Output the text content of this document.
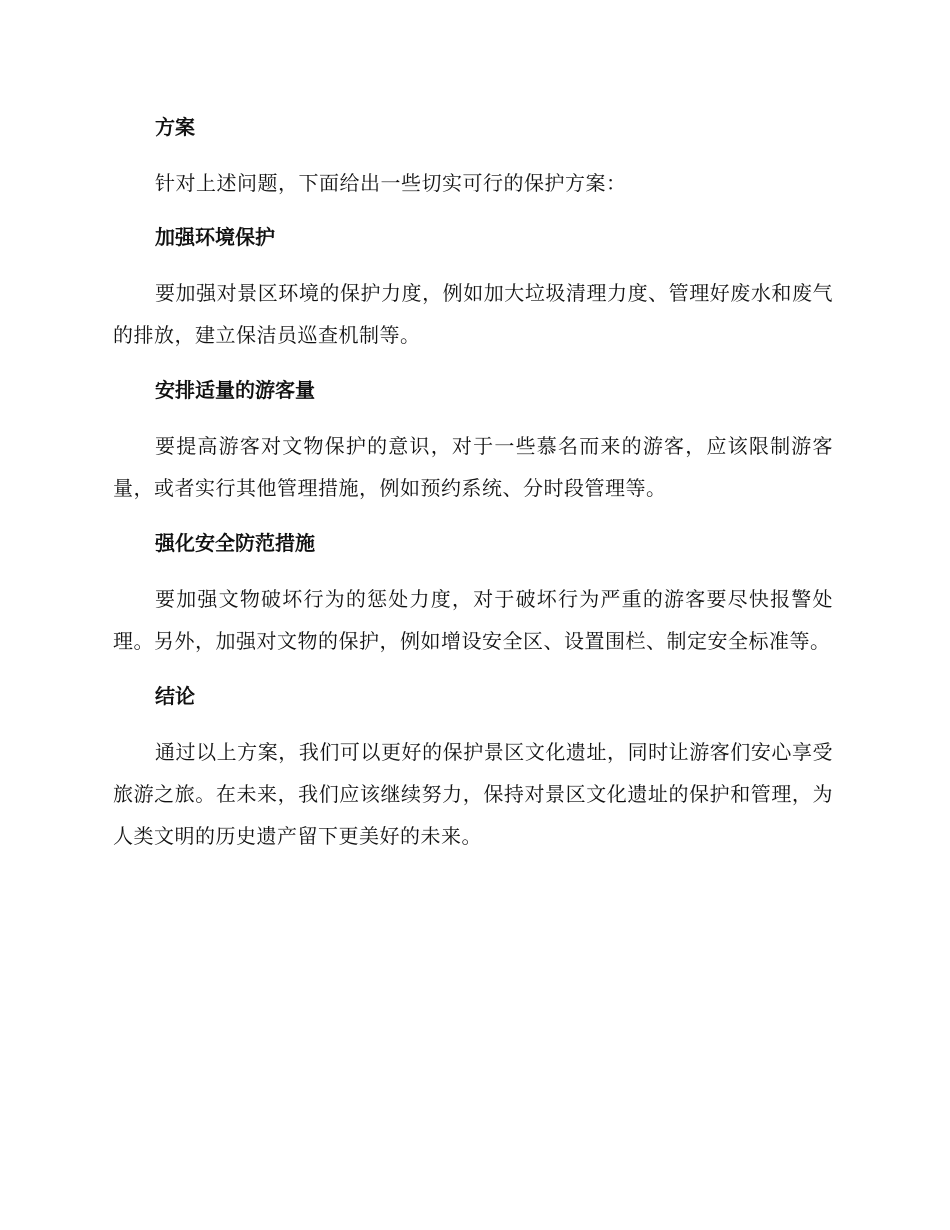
方案

针对上述问题，下面给出一些切实可行的保护方案：

加强环境保护

要加强对景区环境的保护力度，例如加大垃圾清理力度、管理好废水和废气的排放，建立保洁员巡查机制等。

安排适量的游客量

要提高游客对文物保护的意识，对于一些慕名而来的游客，应该限制游客量，或者实行其他管理措施，例如预约系统、分时段管理等。

强化安全防范措施

要加强文物破坏行为的惩处力度，对于破坏行为严重的游客要尽快报警处理。另外，加强对文物的保护，例如增设安全区、设置围栏、制定安全标准等。

结论

通过以上方案，我们可以更好的保护景区文化遗址，同时让游客们安心享受旅游之旅。在未来，我们应该继续努力，保持对景区文化遗址的保护和管理，为人类文明的历史遗产留下更美好的未来。
